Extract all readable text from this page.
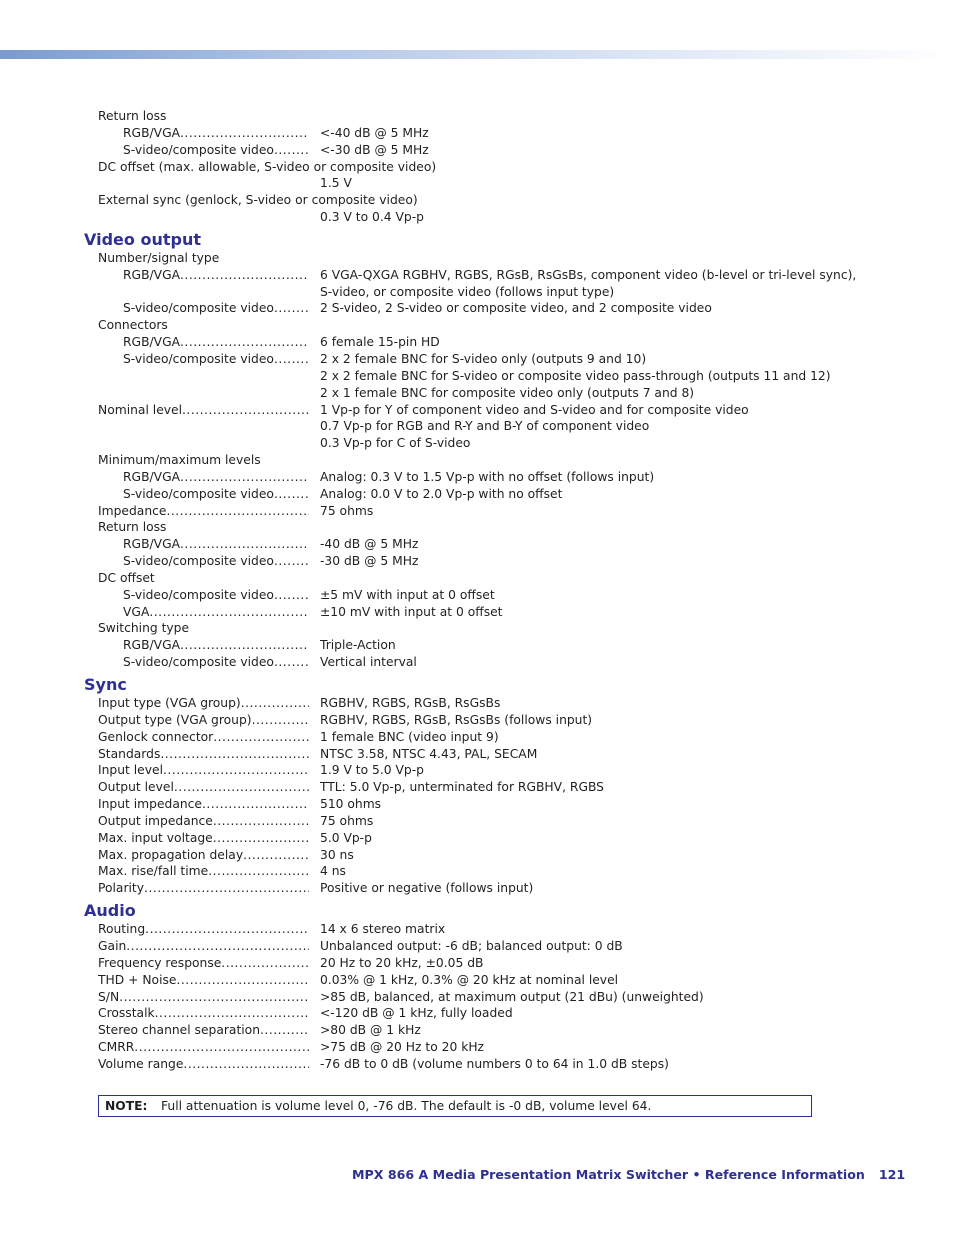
Return loss
RGB/VGA .....	<-40 dB @ 5 MHz
S-video/composite video .....	<-30 dB @ 5 MHz
DC offset (max. allowable, S-video or composite video)
1.5 V
External sync (genlock, S-video or composite video)
0.3 V to 0.4 Vp-p
Video output
Number/signal type
RGB/VGA .....	6 VGA-QXGA RGBHV, RGBS, RGsB, RsGsBs, component video (b-level or tri-level sync),
S-video, or composite video (follows input type)
S-video/composite video .....	2 S-video, 2 S-video or composite video, and 2 composite video
Connectors
RGB/VGA .....	6 female 15-pin HD
S-video/composite video .....	2 x 2 female BNC for S-video only (outputs 9 and 10)
2 x 2 female BNC for S-video or composite video pass-through (outputs 11 and 12)
2 x 1 female BNC for composite video only (outputs 7 and 8)
Nominal level .....	1 Vp-p for Y of component video and S-video and for composite video
0.7 Vp-p for RGB and R-Y and B-Y of component video
0.3 Vp-p for C of S-video
Minimum/maximum levels
RGB/VGA .....	Analog: 0.3 V to 1.5 Vp-p with no offset (follows input)
S-video/composite video .....	Analog: 0.0 V to 2.0 Vp-p with no offset
Impedance .....	75 ohms
Return loss
RGB/VGA .....	-40 dB @ 5 MHz
S-video/composite video .....	-30 dB @ 5 MHz
DC offset
S-video/composite video .....	±5 mV with input at 0 offset
VGA .....	±10 mV with input at 0 offset
Switching type
RGB/VGA .....	Triple-Action
S-video/composite video .....	Vertical interval
Sync
Input type (VGA group) .....	RGBHV, RGBS, RGsB, RsGsBs
Output type (VGA group) .....	RGBHV, RGBS, RGsB, RsGsBs (follows input)
Genlock connector .....	1 female BNC (video input 9)
Standards .....	NTSC 3.58, NTSC 4.43, PAL, SECAM
Input level .....	1.9 V to 5.0 Vp-p
Output level .....	TTL: 5.0 Vp-p, unterminated for RGBHV, RGBS
Input impedance .....	510 ohms
Output impedance .....	75 ohms
Max. input voltage .....	5.0 Vp-p
Max. propagation delay .....	30 ns
Max. rise/fall time .....	4 ns
Polarity .....	Positive or negative (follows input)
Audio
Routing .....	14 x 6 stereo matrix
Gain .....	Unbalanced output: -6 dB; balanced output: 0 dB
Frequency response .....	20 Hz to 20 kHz, ±0.05 dB
THD + Noise .....	0.03% @ 1 kHz, 0.3% @ 20 kHz at nominal level
S/N .....	>85 dB, balanced, at maximum output (21 dBu) (unweighted)
Crosstalk .....	<-120 dB @ 1 kHz, fully loaded
Stereo channel separation .....	>80 dB @ 1 kHz
CMRR .....	>75 dB @ 20 Hz to 20 kHz
Volume range .....	-76 dB to 0 dB (volume numbers 0 to 64 in 1.0 dB steps)
NOTE: Full attenuation is volume level 0, -76 dB. The default is -0 dB, volume level 64.
MPX 866 A Media Presentation Matrix Switcher • Reference Information 121
